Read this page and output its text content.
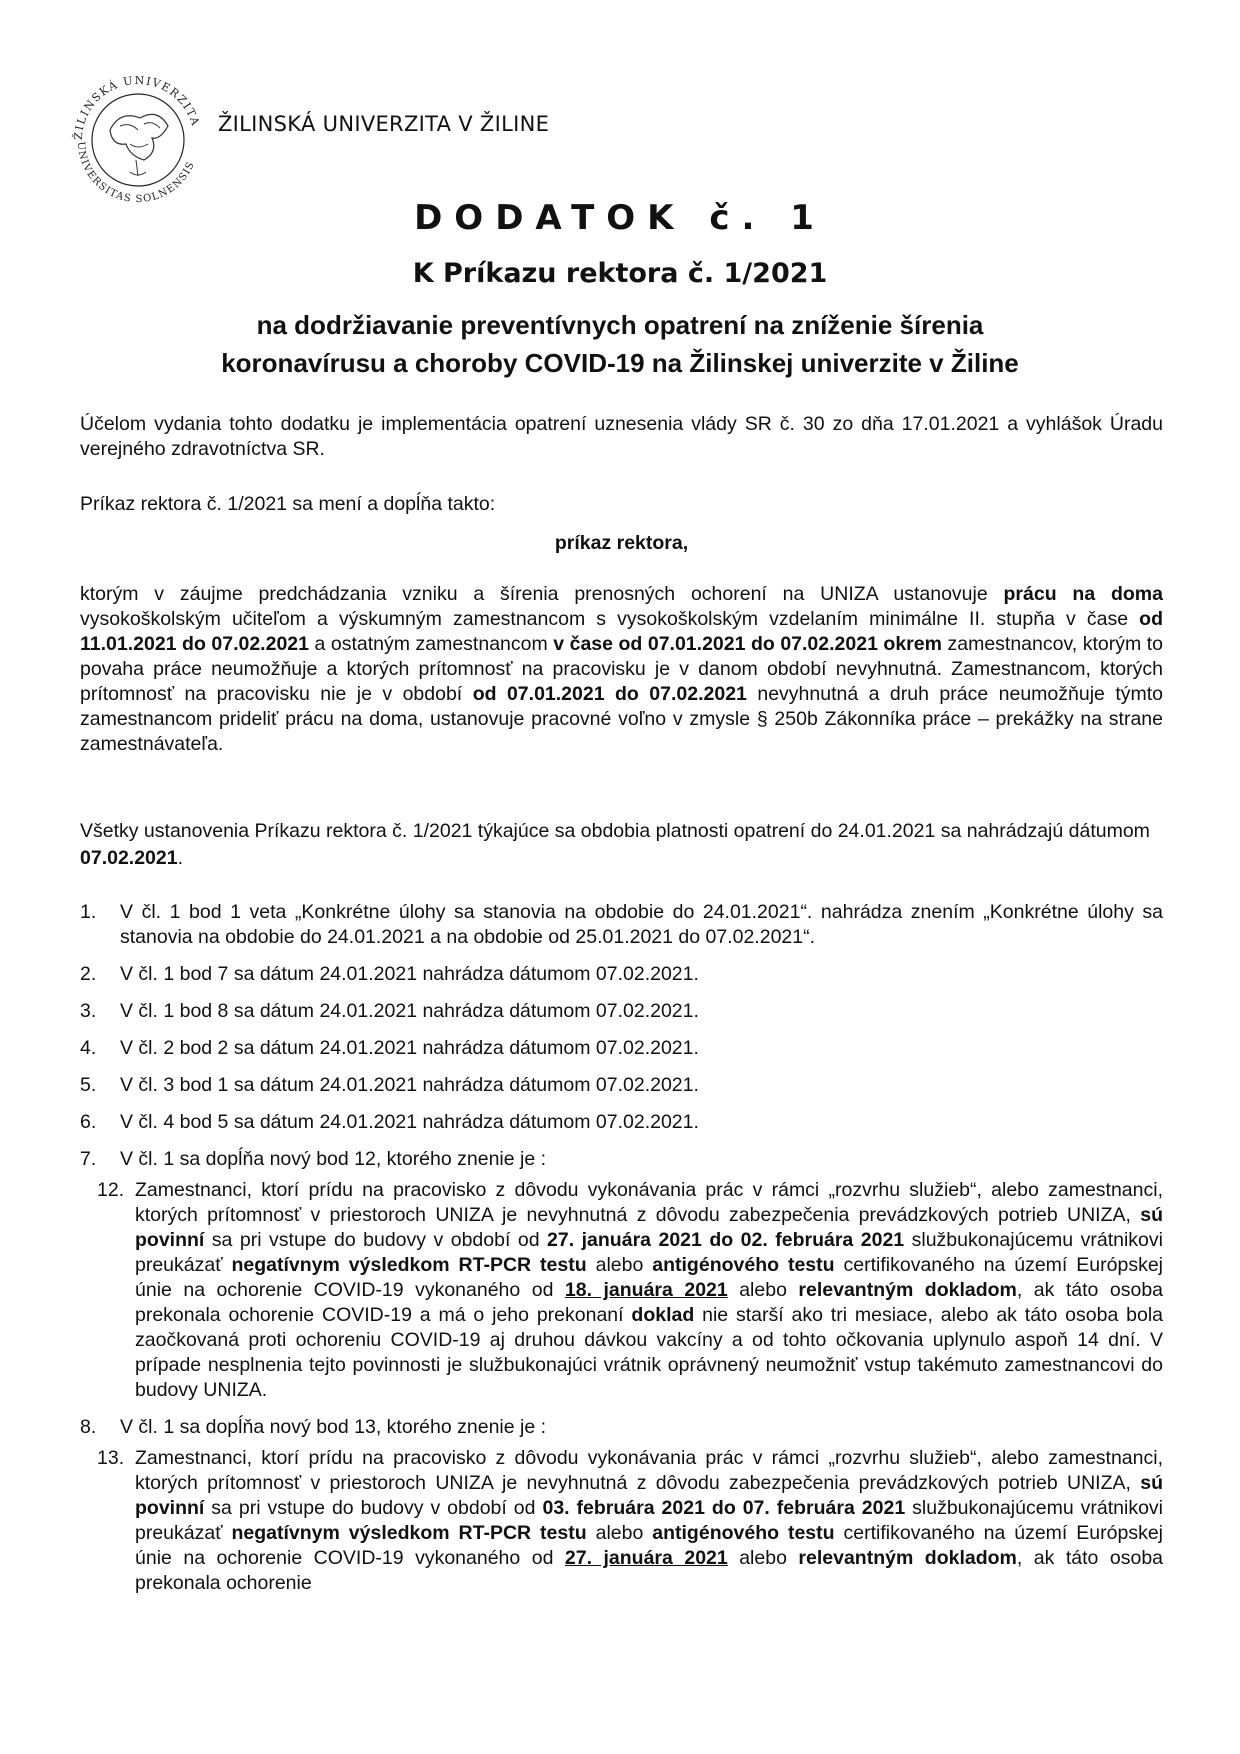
ŽILINSKÁ UNIVERZITA
UNIVERSITAS SOLNENSIS
ŽILINSKÁ UNIVERZITA V ŽILINE
DODATOK č. 1
K Príkazu rektora č. 1/2021
na dodržiavanie preventívnych opatrení na zníženie šírenia
koronavírusu a choroby COVID-19 na Žilinskej univerzite v Žiline
Účelom vydania tohto dodatku je implementácia opatrení uznesenia vlády SR č. 30 zo dňa 17.01.2021 a vyhlášok Úradu verejného zdravotníctva SR.
Príkaz rektora č. 1/2021 sa mení a dopĺňa takto:
príkaz rektora,
ktorým v záujme predchádzania vzniku a šírenia prenosných ochorení na UNIZA ustanovuje prácu na doma vysokoškolským učiteľom a výskumným zamestnancom s vysokoškolským vzdelaním minimálne II. stupňa v čase od 11.01.2021 do 07.02.2021 a ostatným zamestnancom v čase od 07.01.2021 do 07.02.2021 okrem zamestnancov, ktorým to povaha práce neumožňuje a ktorých prítomnosť na pracovisku je v danom období nevyhnutná. Zamestnancom, ktorých prítomnosť na pracovisku nie je v období od 07.01.2021 do 07.02.2021 nevyhnutná a druh práce neumožňuje týmto zamestnancom prideliť prácu na doma, ustanovuje pracovné voľno v zmysle § 250b Zákonníka práce – prekážky na strane zamestnávateľa.
Všetky ustanovenia Príkazu rektora č. 1/2021 týkajúce sa obdobia platnosti opatrení do 24.01.2021 sa nahrádzajú dátumom 07.02.2021.
1.	V čl. 1 bod 1 veta „Konkrétne úlohy sa stanovia na obdobie do 24.01.2021“. nahrádza znením „Konkrétne úlohy sa stanovia na obdobie do 24.01.2021 a na obdobie od 25.01.2021 do 07.02.2021“.
2.	V čl. 1 bod 7 sa dátum 24.01.2021 nahrádza dátumom 07.02.2021.
3.	V čl. 1 bod 8 sa dátum 24.01.2021 nahrádza dátumom 07.02.2021.
4.	V čl. 2 bod 2 sa dátum 24.01.2021 nahrádza dátumom 07.02.2021.
5.	V čl. 3 bod 1 sa dátum 24.01.2021 nahrádza dátumom 07.02.2021.
6.	V čl. 4 bod 5 sa dátum 24.01.2021 nahrádza dátumom 07.02.2021.
7.	V čl. 1 sa dopĺňa nový bod 12, ktorého znenie je :
12. Zamestnanci, ktorí prídu na pracovisko z dôvodu vykonávania prác v rámci „rozvrhu služieb“, alebo zamestnanci, ktorých prítomnosť v priestoroch UNIZA je nevyhnutná z dôvodu zabezpečenia prevádzkových potrieb UNIZA, sú povinní sa pri vstupe do budovy v období od 27. januára 2021 do 02. februára 2021 službukonajúcemu vrátnikovi preukázať negatívnym výsledkom RT-PCR testu alebo antigénového testu certifikovaného na území Európskej únie na ochorenie COVID-19 vykonaného od 18. januára 2021 alebo relevantným dokladom, ak táto osoba prekonala ochorenie COVID-19 a má o jeho prekonaní doklad nie starší ako tri mesiace, alebo ak táto osoba bola zaočkovaná proti ochoreniu COVID-19 aj druhou dávkou vakcíny a od tohto očkovania uplynulo aspoň 14 dní. V prípade nesplnenia tejto povinnosti je službukonajúci vrátnik oprávnený neumožniť vstup takémuto zamestnancovi do budovy UNIZA.
8.	V čl. 1 sa dopĺňa nový bod 13, ktorého znenie je :
13. Zamestnanci, ktorí prídu na pracovisko z dôvodu vykonávania prác v rámci „rozvrhu služieb“, alebo zamestnanci, ktorých prítomnosť v priestoroch UNIZA je nevyhnutná z dôvodu zabezpečenia prevádzkových potrieb UNIZA, sú povinní sa pri vstupe do budovy v období od 03. februára 2021 do 07. februára 2021 službukonajúcemu vrátnikovi preukázať negatívnym výsledkom RT-PCR testu alebo antigénového testu certifikovaného na území Európskej únie na ochorenie COVID-19 vykonaného od 27. januára 2021 alebo relevantným dokladom, ak táto osoba prekonala ochorenie
